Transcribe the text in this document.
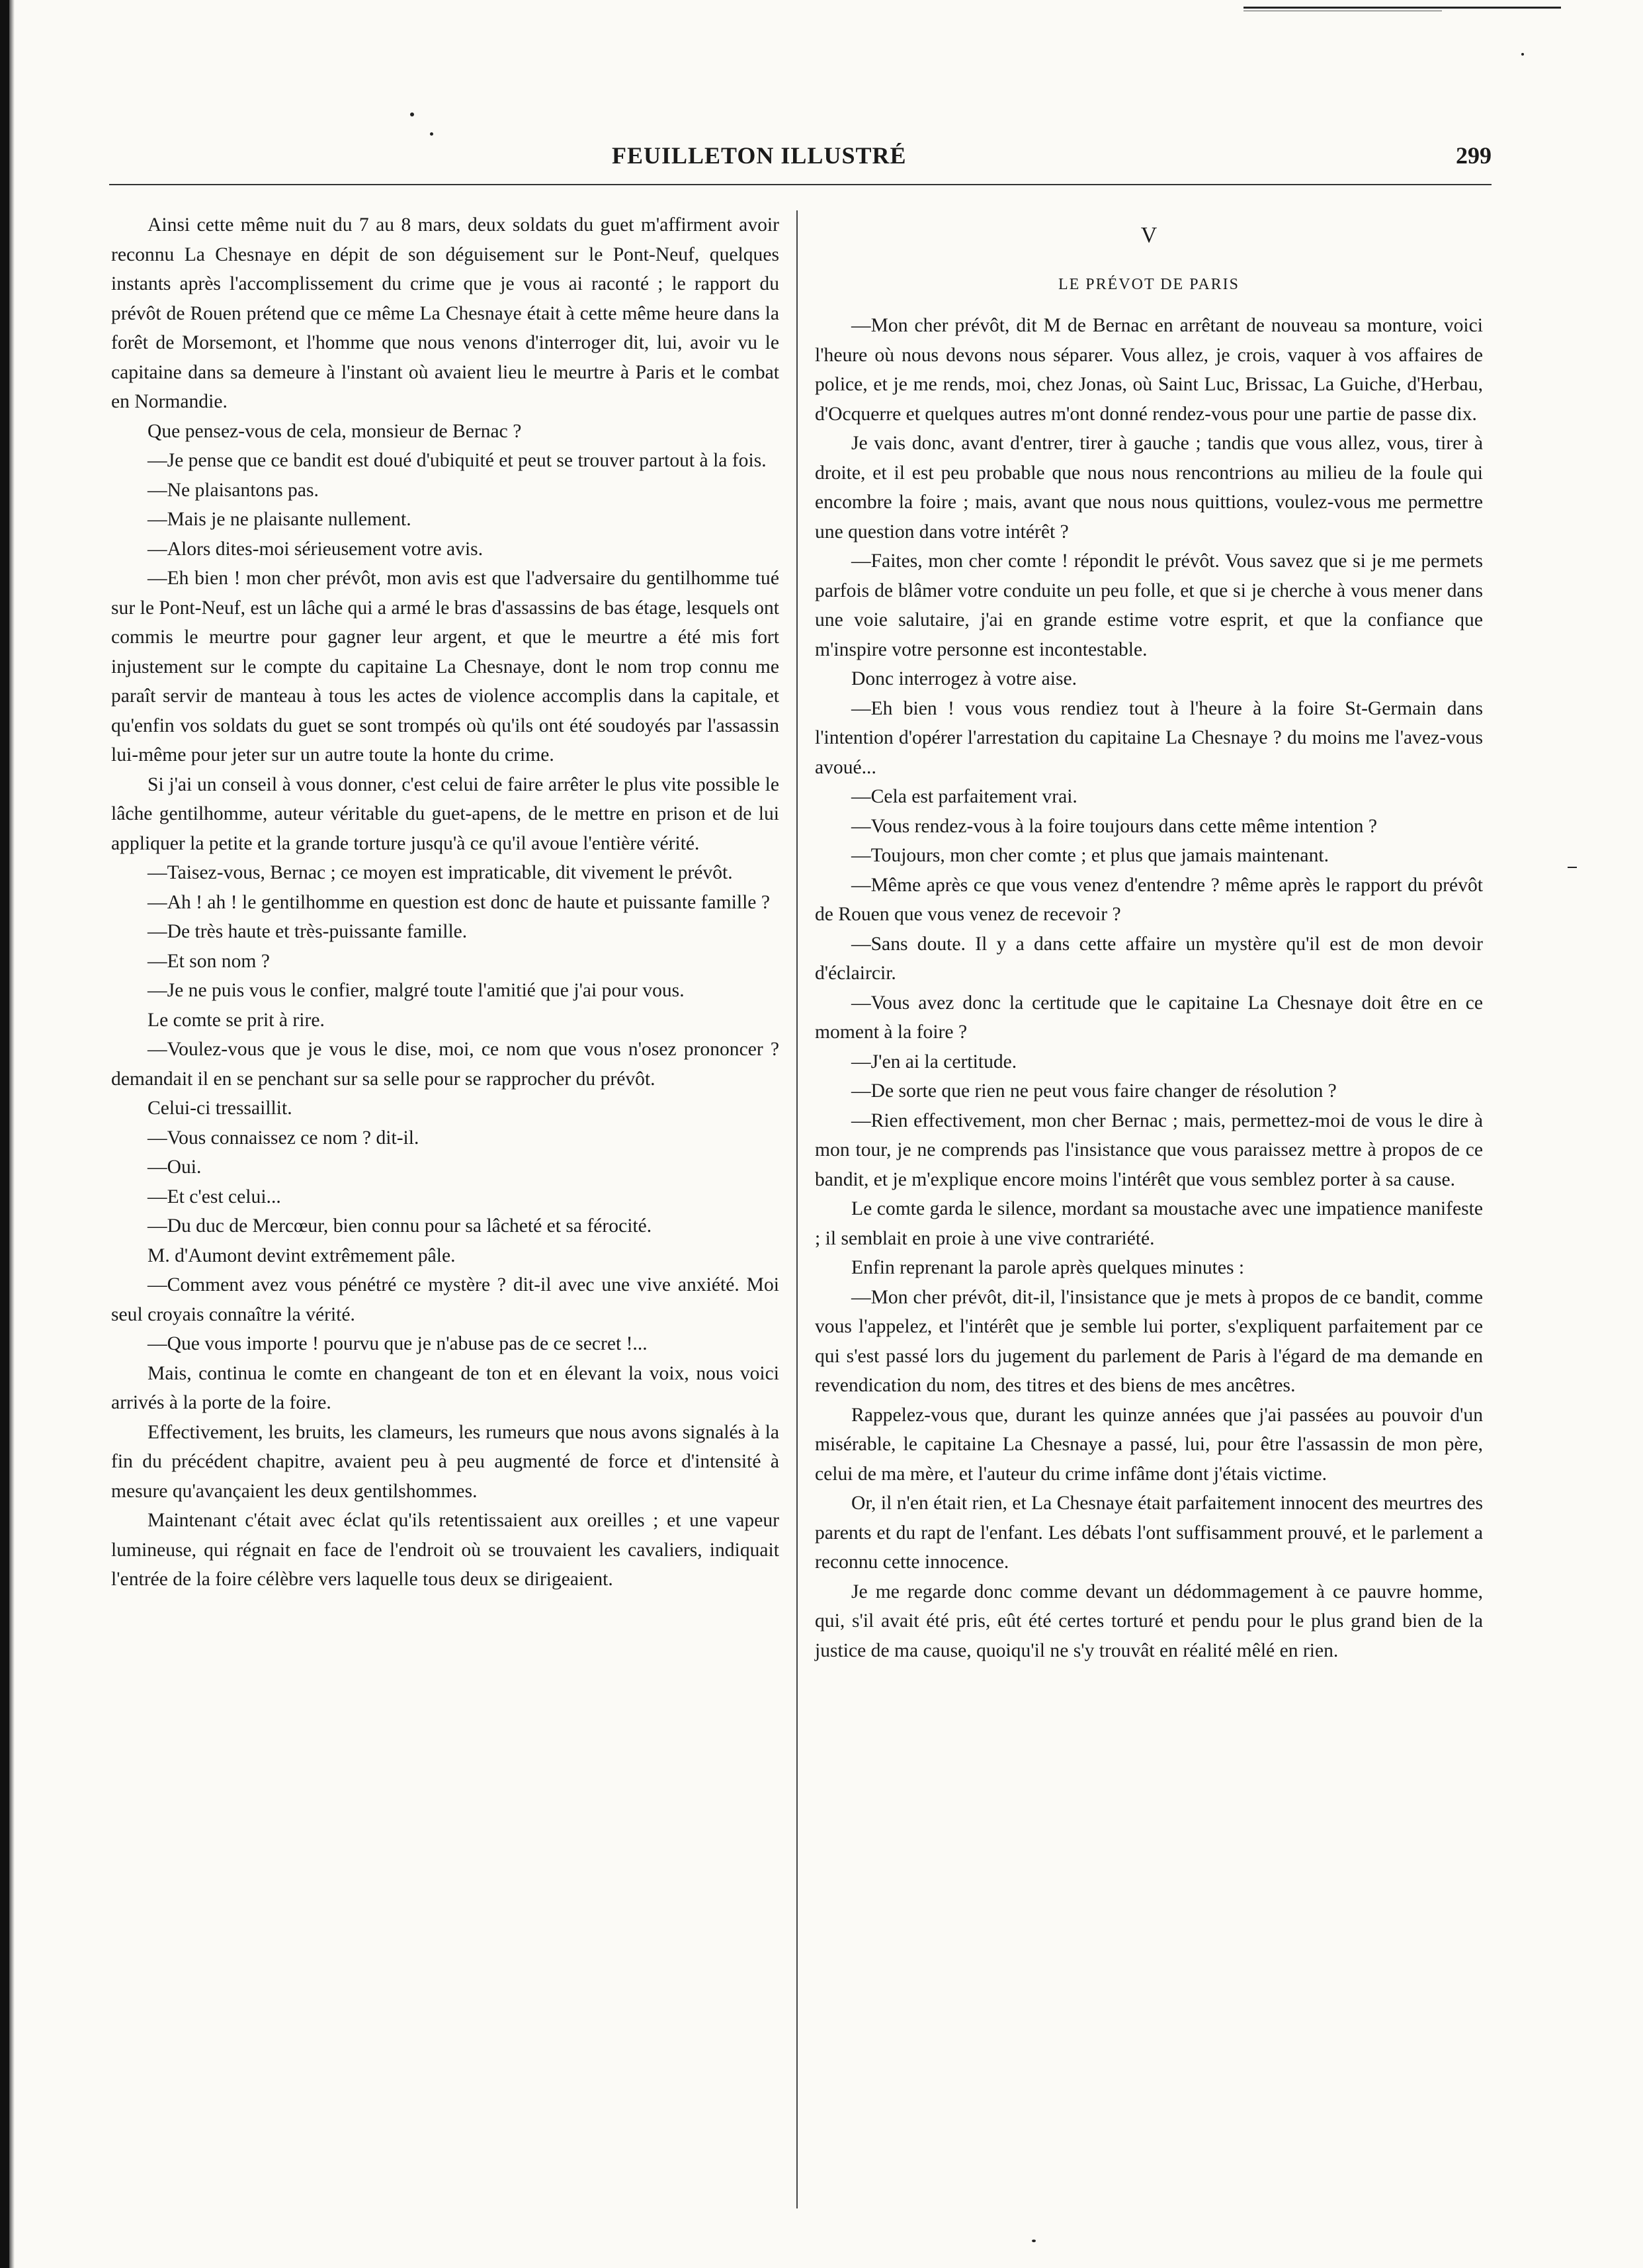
FEUILLETON ILLUSTRÉ	299

Ainsi cette même nuit du 7 au 8 mars, deux soldats du guet m'affirment avoir reconnu La Chesnaye en dépit de son déguisement sur le Pont-Neuf, quelques instants après l'accomplissement du crime que je vous ai raconté ; le rapport du prévôt de Rouen prétend que ce même La Chesnaye était à cette même heure dans la forêt de Morsemont, et l'homme que nous venons d'interroger dit, lui, avoir vu le capitaine dans sa demeure à l'instant où avaient lieu le meurtre à Paris et le combat en Normandie.

Que pensez-vous de cela, monsieur de Bernac ?

—Je pense que ce bandit est doué d'ubiquité et peut se trouver partout à la fois.

—Ne plaisantons pas.

—Mais je ne plaisante nullement.

—Alors dites-moi sérieusement votre avis.

—Eh bien ! mon cher prévôt, mon avis est que l'adversaire du gentilhomme tué sur le Pont-Neuf, est un lâche qui a armé le bras d'assassins de bas étage, lesquels ont commis le meurtre pour gagner leur argent, et que le meurtre a été mis fort injustement sur le compte du capitaine La Chesnaye, dont le nom trop connu me paraît servir de manteau à tous les actes de violence accomplis dans la capitale, et qu'enfin vos soldats du guet se sont trompés où qu'ils ont été soudoyés par l'assassin lui-même pour jeter sur un autre toute la honte du crime.

Si j'ai un conseil à vous donner, c'est celui de faire arrêter le plus vite possible le lâche gentilhomme, auteur véritable du guet-apens, de le mettre en prison et de lui appliquer la petite et la grande torture jusqu'à ce qu'il avoue l'entière vérité.

—Taisez-vous, Bernac ; ce moyen est impraticable, dit vivement le prévôt.

—Ah ! ah ! le gentilhomme en question est donc de haute et puissante famille ?

—De très haute et très-puissante famille.

—Et son nom ?

—Je ne puis vous le confier, malgré toute l'amitié que j'ai pour vous.

Le comte se prit à rire.

—Voulez-vous que je vous le dise, moi, ce nom que vous n'osez prononcer ? demandait il en se penchant sur sa selle pour se rapprocher du prévôt.

Celui-ci tressaillit.

—Vous connaissez ce nom ? dit-il.

—Oui.

—Et c'est celui...

—Du duc de Mercœur, bien connu pour sa lâcheté et sa férocité.

M. d'Aumont devint extrêmement pâle.

—Comment avez vous pénétré ce mystère ? dit-il avec une vive anxiété. Moi seul croyais connaître la vérité.

—Que vous importe ! pourvu que je n'abuse pas de ce secret !...

Mais, continua le comte en changeant de ton et en élevant la voix, nous voici arrivés à la porte de la foire.

Effectivement, les bruits, les clameurs, les rumeurs que nous avons signalés à la fin du précédent chapitre, avaient peu à peu augmenté de force et d'intensité à mesure qu'avançaient les deux gentilshommes.

Maintenant c'était avec éclat qu'ils retentissaient aux oreilles ; et une vapeur lumineuse, qui régnait en face de l'endroit où se trouvaient les cavaliers, indiquait l'entrée de la foire célèbre vers laquelle tous deux se dirigeaient.

V
LE PRÉVOT DE PARIS

—Mon cher prévôt, dit M de Bernac en arrêtant de nouveau sa monture, voici l'heure où nous devons nous séparer. Vous allez, je crois, vaquer à vos affaires de police, et je me rends, moi, chez Jonas, où Saint Luc, Brissac, La Guiche, d'Herbau, d'Ocquerre et quelques autres m'ont donné rendez-vous pour une partie de passe dix.

Je vais donc, avant d'entrer, tirer à gauche ; tandis que vous allez, vous, tirer à droite, et il est peu probable que nous nous rencontrions au milieu de la foule qui encombre la foire ; mais, avant que nous nous quittions, voulez-vous me permettre une question dans votre intérêt ?

—Faites, mon cher comte ! répondit le prévôt. Vous savez que si je me permets parfois de blâmer votre conduite un peu folle, et que si je cherche à vous mener dans une voie salutaire, j'ai en grande estime votre esprit, et que la confiance que m'inspire votre personne est incontestable.

Donc interrogez à votre aise.

—Eh bien ! vous vous rendiez tout à l'heure à la foire St-Germain dans l'intention d'opérer l'arrestation du capitaine La Chesnaye ? du moins me l'avez-vous avoué...

—Cela est parfaitement vrai.

—Vous rendez-vous à la foire toujours dans cette même intention ?

—Toujours, mon cher comte ; et plus que jamais maintenant.

—Même après ce que vous venez d'entendre ? même après le rapport du prévôt de Rouen que vous venez de recevoir ?

—Sans doute. Il y a dans cette affaire un mystère qu'il est de mon devoir d'éclaircir.

—Vous avez donc la certitude que le capitaine La Chesnaye doit être en ce moment à la foire ?

—J'en ai la certitude.

—De sorte que rien ne peut vous faire changer de résolution ?

—Rien effectivement, mon cher Bernac ; mais, permettez-moi de vous le dire à mon tour, je ne comprends pas l'insistance que vous paraissez mettre à propos de ce bandit, et je m'explique encore moins l'intérêt que vous semblez porter à sa cause.

Le comte garda le silence, mordant sa moustache avec une impatience manifeste ; il semblait en proie à une vive contrariété.

Enfin reprenant la parole après quelques minutes :

—Mon cher prévôt, dit-il, l'insistance que je mets à propos de ce bandit, comme vous l'appelez, et l'intérêt que je semble lui porter, s'expliquent parfaitement par ce qui s'est passé lors du jugement du parlement de Paris à l'égard de ma demande en revendication du nom, des titres et des biens de mes ancêtres.

Rappelez-vous que, durant les quinze années que j'ai passées au pouvoir d'un misérable, le capitaine La Chesnaye a passé, lui, pour être l'assassin de mon père, celui de ma mère, et l'auteur du crime infâme dont j'étais victime.

Or, il n'en était rien, et La Chesnaye était parfaitement innocent des meurtres des parents et du rapt de l'enfant. Les débats l'ont suffisamment prouvé, et le parlement a reconnu cette innocence.

Je me regarde donc comme devant un dédommagement à ce pauvre homme, qui, s'il avait été pris, eût été certes torturé et pendu pour le plus grand bien de la justice de ma cause, quoiqu'il ne s'y trouvât en réalité mêlé en rien.
